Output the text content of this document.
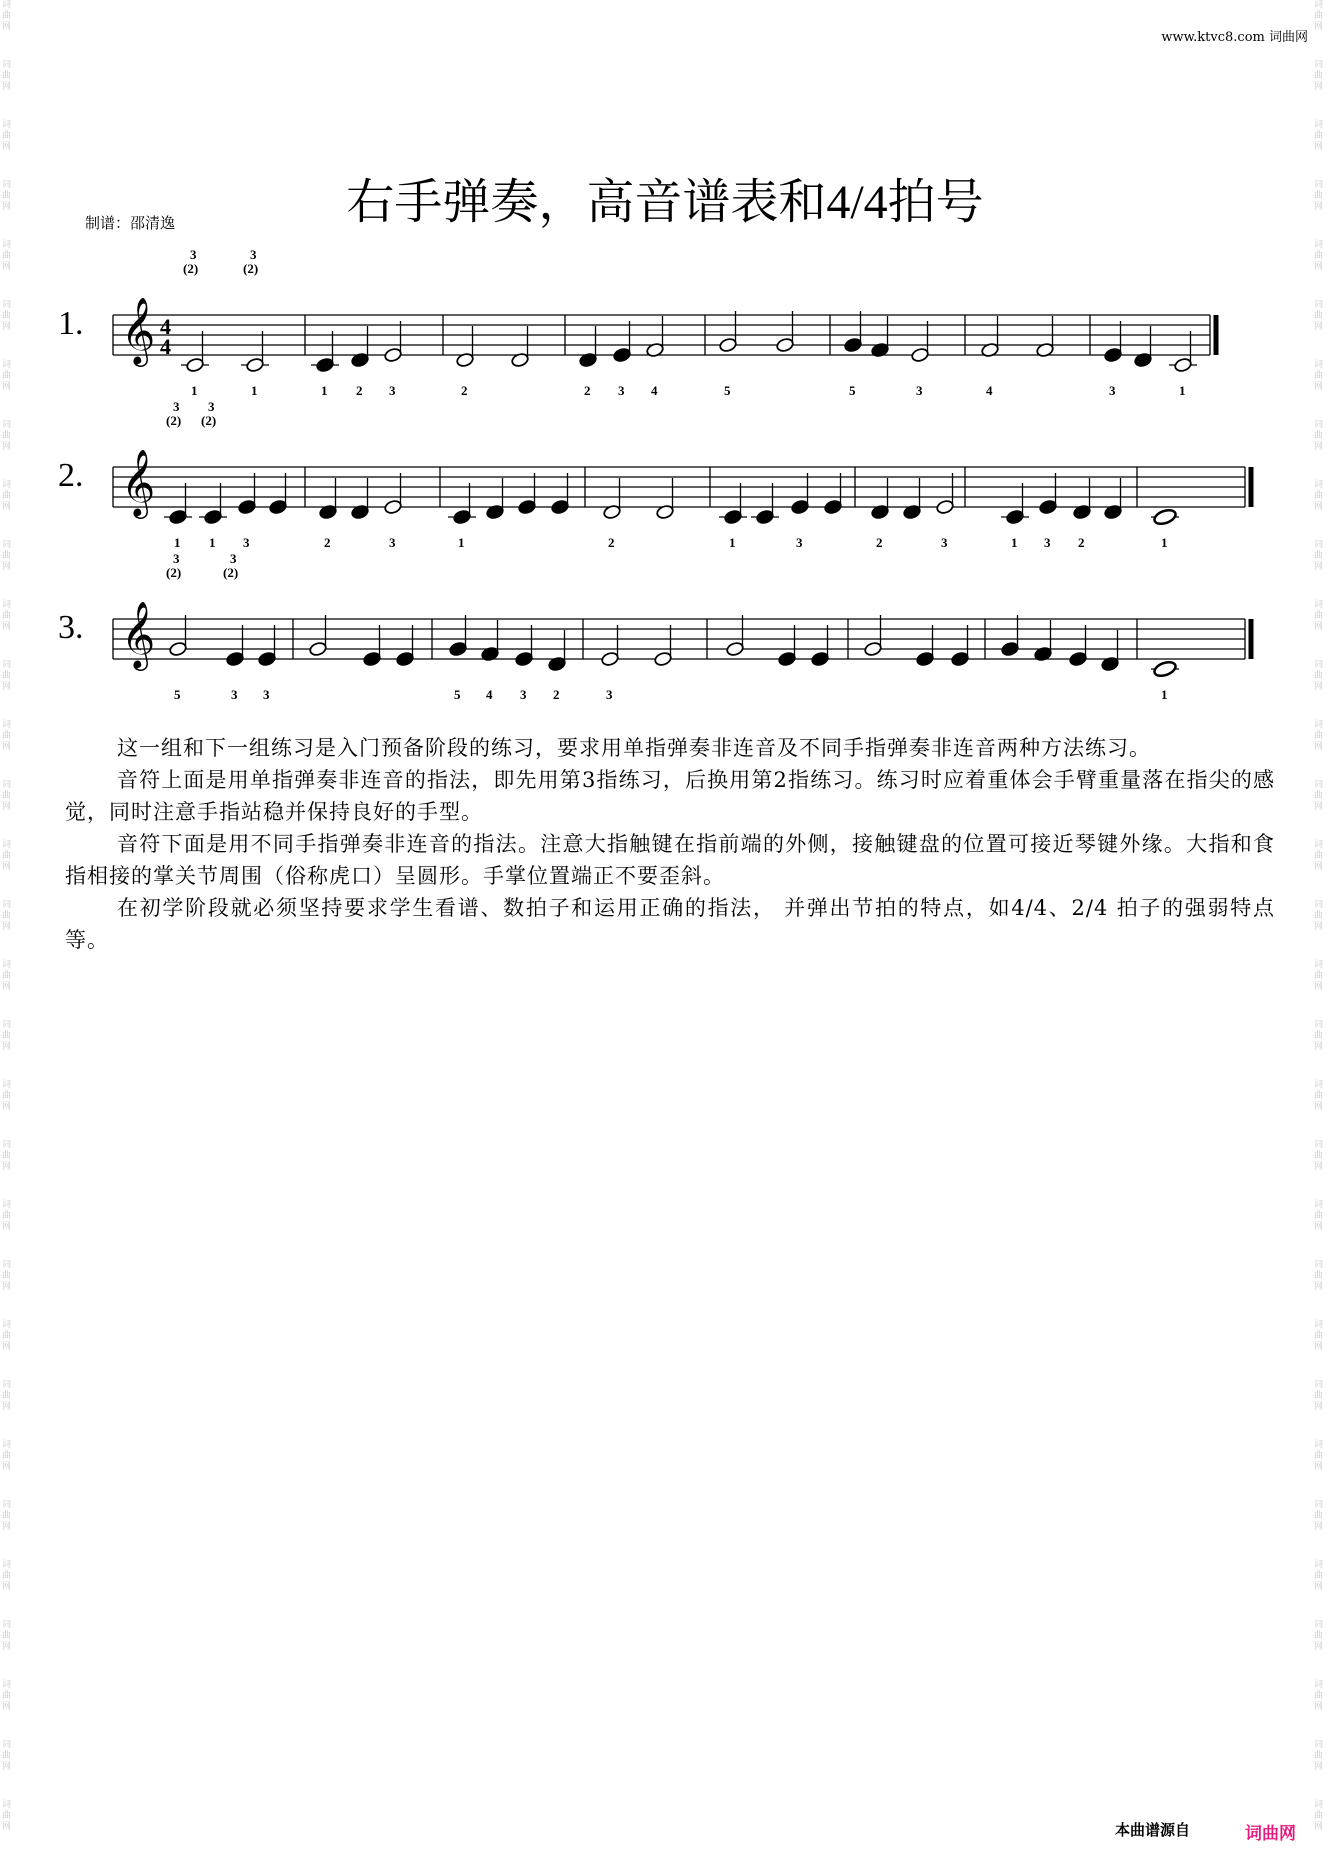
词曲网
词曲网
词曲网
词曲网
词曲网
词曲网
词曲网
词曲网
词曲网
词曲网
词曲网
词曲网
词曲网
词曲网
词曲网
词曲网
词曲网
词曲网
词曲网
词曲网
词曲网
词曲网
词曲网
词曲网
词曲网
词曲网
词曲网
词曲网
词曲网
词曲网
词曲网
词曲网
词曲网
词曲网
词曲网
词曲网
词曲网
词曲网
词曲网
词曲网
词曲网
词曲网
词曲网
词曲网
词曲网
词曲网
词曲网
词曲网
词曲网
词曲网
词曲网
词曲网
词曲网
词曲网
词曲网
词曲网
词曲网
词曲网
词曲网
词曲网
词曲网
词曲网
www.ktvc8.com 词曲网
右手弹奏，高音谱表和4/4拍号
制谱：邵清逸
1.
2.
3.
𝄞 4
4
1
3
(2)
1
3
(2)
1 2 3	2	2 3 4	5	5	3	4	3	1
𝄞
1
3
(2)
1
3
(2)
3	2	3	1	2	1	3	2	3	1 3 2	1
𝄞
5
3
(2)
3
3
(2)
3	5 4 3 2	3	1

这一组和下一组练习是入门预备阶段的练习，要求用单指弹奏非连音及不同手指弹奏非连音两种方法练习。

音符上面是用单指弹奏非连音的指法，即先用第3指练习，后换用第2指练习。练习时应着重体会手臂重量落在指尖的感觉，同时注意手指站稳并保持良好的手型。

音符下面是用不同手指弹奏非连音的指法。注意大指触键在指前端的外侧，接触键盘的位置可接近琴键外缘。大指和食指相接的掌关节周围（俗称虎口）呈圆形。手掌位置端正不要歪斜。

在初学阶段就必须坚持要求学生看谱、数拍子和运用正确的指法， 并弹出节拍的特点，如4/4、2/4 拍子的强弱特点等。

本曲谱源自	词曲网
